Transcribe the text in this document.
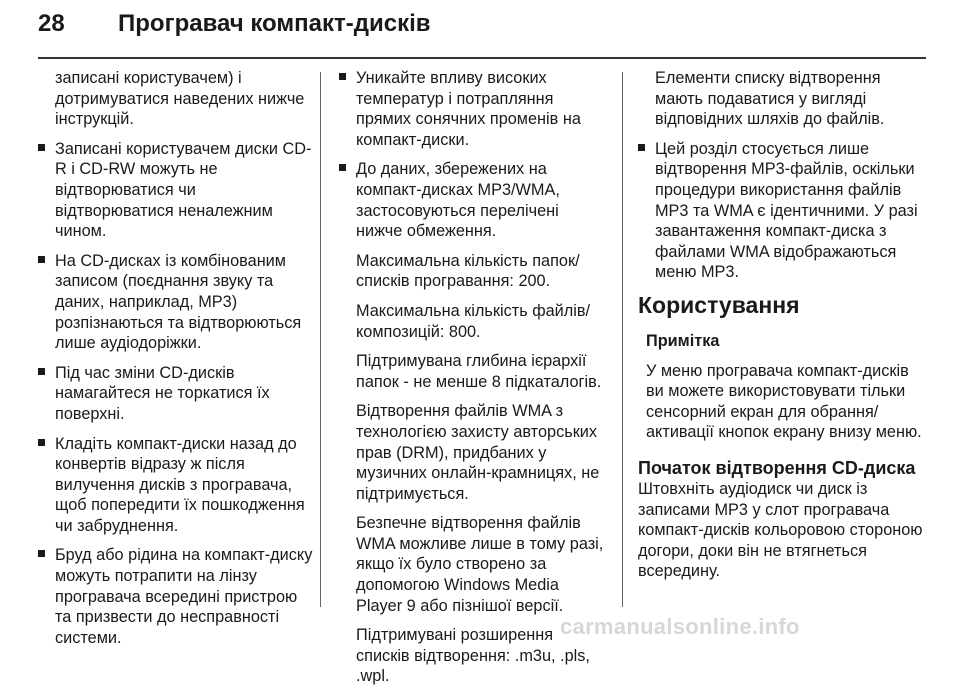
28 Програвач компакт-дисків

записані користувачем) і дотримуватися наведених нижче інструкцій.

Записані користувачем диски CD-R і CD-RW можуть не відтворюватися чи відтворюватися неналежним чином.
На CD-дисках із комбінованим записом (поєднання звуку та даних, наприклад, MP3) розпізнаються та відтворюються лише аудіодоріжки.
Під час зміни CD-дисків намагайтеся не торкатися їх поверхні.
Кладіть компакт-диски назад до конвертів відразу ж після вилучення дисків з програвача, щоб попередити їх пошкодження чи забруднення.
Бруд або рідина на компакт-диску можуть потрапити на лінзу програвача всередині пристрою та призвести до несправності системи.
Уникайте впливу високих температур і потрапляння прямих сонячних променів на компакт-диски.
До даних, збережених на компакт-дисках MP3/WMA, застосовуються перелічені нижче обмеження.

Максимальна кількість папок/списків програвання: 200.

Максимальна кількість файлів/композицій: 800.

Підтримувана глибина ієрархії папок - не менше 8 підкаталогів.

Відтворення файлів WMA з технологією захисту авторських прав (DRM), придбаних у музичних онлайн-крамницях, не підтримується.

Безпечне відтворення файлів WMA можливе лише в тому разі, якщо їх було створено за допомогою Windows Media Player 9 або пізнішої версії.

Підтримувані розширення списків відтворення: .m3u, .pls, .wpl.

Елементи списку відтворення мають подаватися у вигляді відповідних шляхів до файлів.

Цей розділ стосується лише відтворення MP3-файлів, оскільки процедури використання файлів MP3 та WMA є ідентичними. У разі завантаження компакт-диска з файлами WMA відображаються меню MP3.
Користування

Примітка

У меню програвача компакт-дисків ви можете використовувати тільки сенсорний екран для обрання/активації кнопок екрану внизу меню.

Початок відтворення CD-диска

Штовхніть аудіодиск чи диск із записами MP3 у слот програвача компакт-дисків кольоровою стороною догори, доки він не втягнеться всередину.

carmanualsonline.info
